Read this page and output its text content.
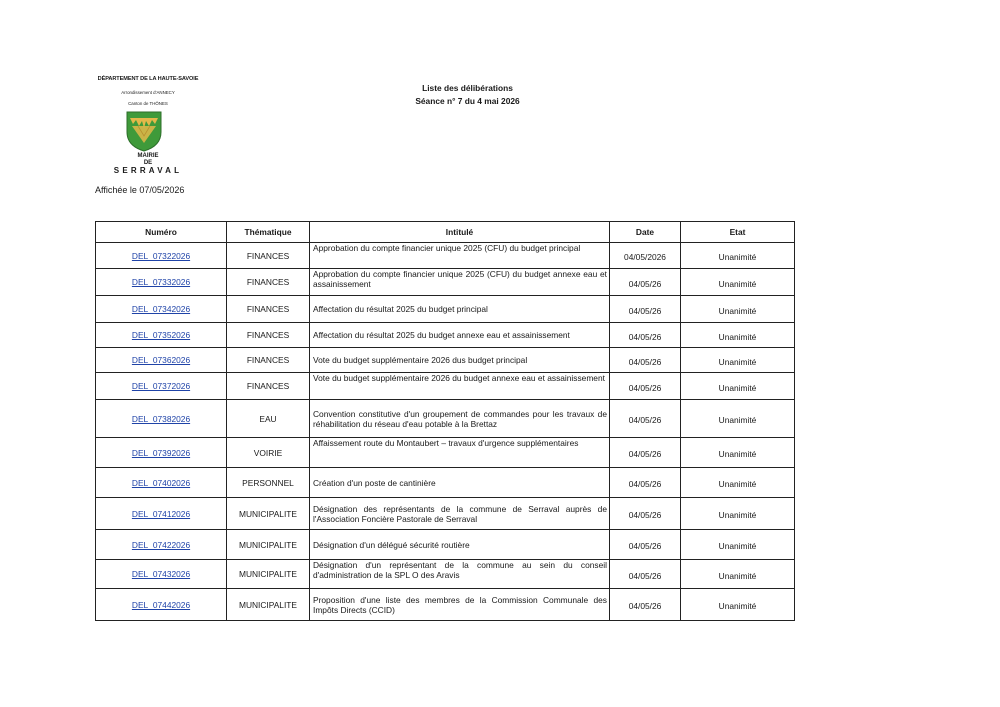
DÉPARTEMENT DE LA HAUTE-SAVOIE
Arrondissement d'ANNECY
Canton de THÔNES
MAIRIE
DE
SERRAVAL
Affichée le 07/05/2026
Liste des délibérations
Séance n° 7 du 4 mai 2026
Numéro	Thématique	Intitulé	Date	Etat
DEL_07322026	FINANCES	Approbation du compte financier unique 2025 (CFU) du budget principal	04/05/2026	Unanimité
DEL_07332026	FINANCES	Approbation du compte financier unique 2025 (CFU) du budget annexe eau et assainissement	04/05/26	Unanimité
DEL_07342026	FINANCES	Affectation du résultat 2025 du budget principal	04/05/26	Unanimité
DEL_07352026	FINANCES	Affectation du résultat 2025 du budget annexe eau et assainissement	04/05/26	Unanimité
DEL_07362026	FINANCES	Vote du budget supplémentaire 2026 dus budget principal	04/05/26	Unanimité
DEL_07372026	FINANCES	Vote du budget supplémentaire 2026 du budget annexe eau et assainissement	04/05/26	Unanimité
DEL_07382026	EAU	Convention constitutive d'un groupement de commandes pour les travaux de réhabilitation du réseau d'eau potable à la Brettaz	04/05/26	Unanimité
DEL_07392026	VOIRIE	Affaissement route du Montaubert – travaux d'urgence supplémentaires	04/05/26	Unanimité
DEL_07402026	PERSONNEL	Création d'un poste de cantinière	04/05/26	Unanimité
DEL_07412026	MUNICIPALITE	Désignation des représentants de la commune de Serraval auprès de l'Association Foncière Pastorale de Serraval	04/05/26	Unanimité
DEL_07422026	MUNICIPALITE	Désignation d'un délégué sécurité routière	04/05/26	Unanimité
DEL_07432026	MUNICIPALITE	Désignation d'un représentant de la commune au sein du conseil d'administration de la SPL O des Aravis	04/05/26	Unanimité
DEL_07442026	MUNICIPALITE	Proposition d'une liste des membres de la Commission Communale des Impôts Directs (CCID)	04/05/26	Unanimité
